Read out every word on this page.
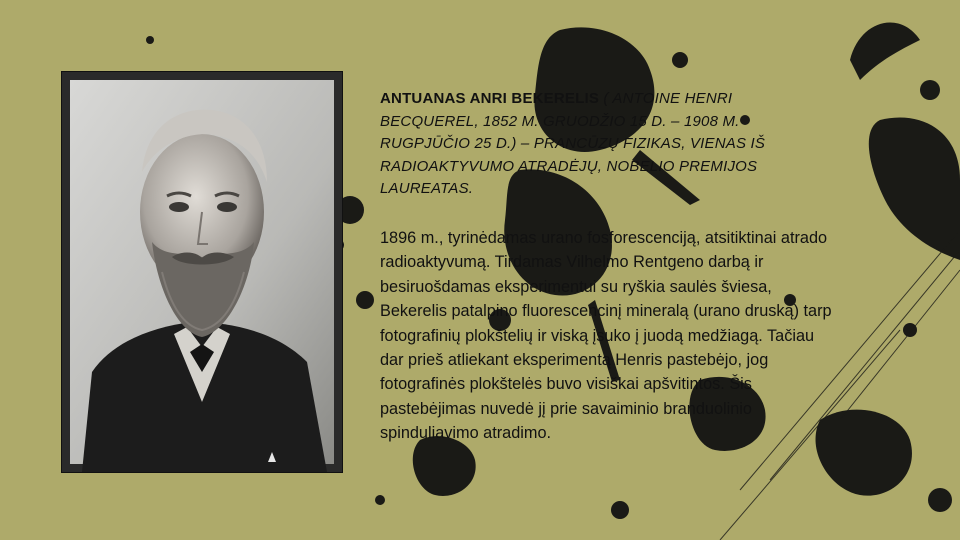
ANTUANAS ANRI BEKERELIS ( ANTOINE HENRI BECQUEREL, 1852 M. GRUODŽIO 15 D. – 1908 M. RUGPJŪČIO 25 D.) – PRANCŪZŲ FIZIKAS, VIENAS IŠ RADIOAKTYVUMO ATRADĖJŲ, NOBELIO PREMIJOS LAUREATAS.
1896 m., tyrinėdamas urano fosforescenciją, atsitiktinai atrado radioaktyvumą. Tirdamas Vilhelmo Rentgeno darbą ir besiruošdamas eksperimentui su ryškia saulės šviesa, Bekerelis patalpino fluorescencinį mineralą (urano druską) tarp fotografinių plokštelių ir viską įsuko į juodą medžiagą. Tačiau dar prieš atliekant eksperimentą Henris pastebėjo, jog fotografinės plokštelės buvo visiškai apšvitintos. Šis pastebėjimas nuvedė jį prie savaiminio branduolinio spinduliavimo atradimo.
